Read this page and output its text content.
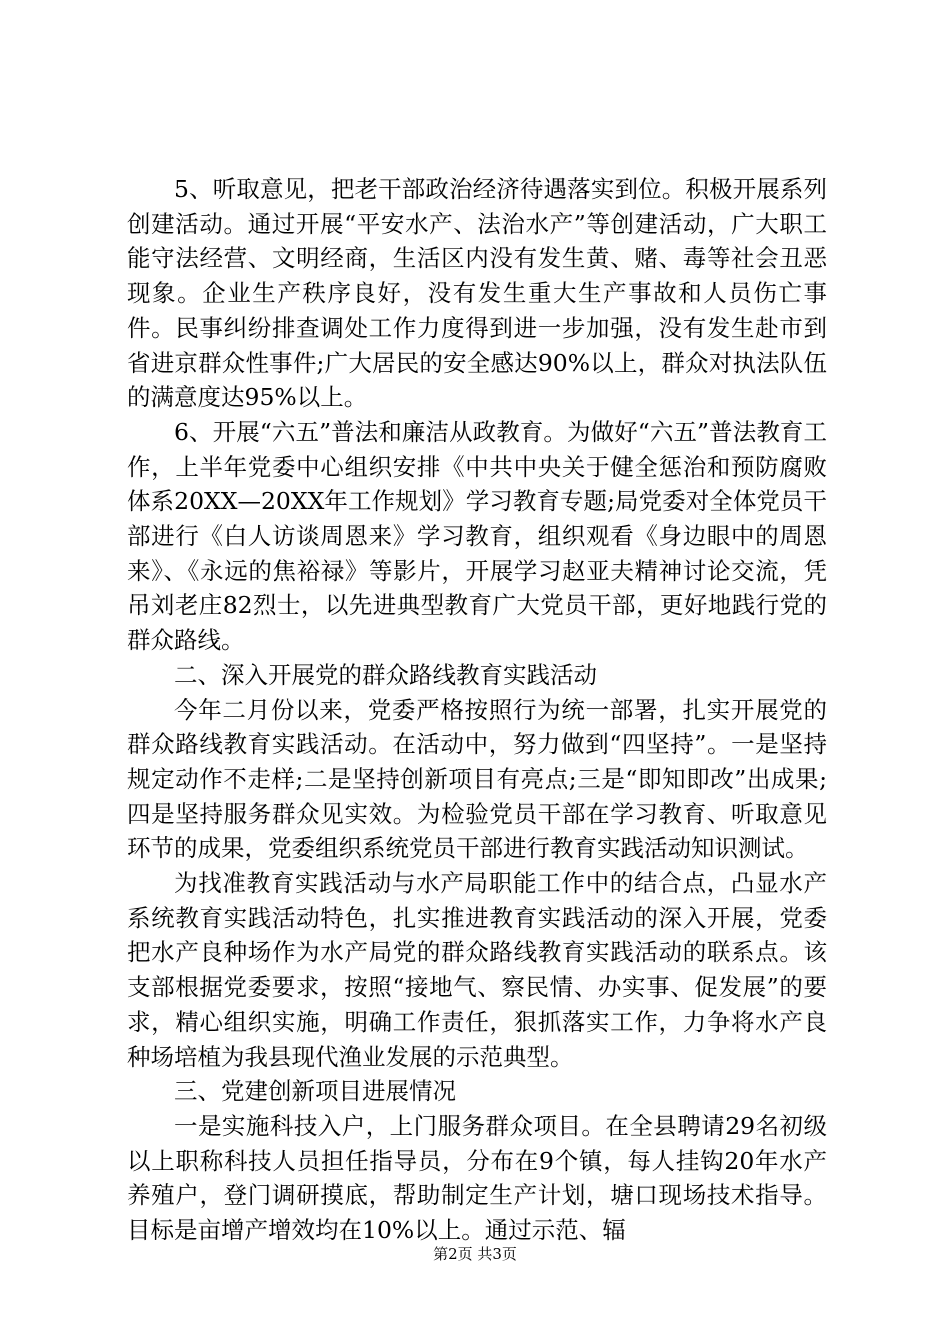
5、听取意见，把老干部政治经济待遇落实到位。积极开展系列创建活动。通过开展“平安水产、法治水产”等创建活动，广大职工能守法经营、文明经商，生活区内没有发生黄、赌、毒等社会丑恶现象。企业生产秩序良好，没有发生重大生产事故和人员伤亡事件。民事纠纷排查调处工作力度得到进一步加强，没有发生赴市到省进京群众性事件;广大居民的安全感达90%以上，群众对执法队伍的满意度达95%以上。

6、开展“六五”普法和廉洁从政教育。为做好“六五”普法教育工作，上半年党委中心组织安排《中共中央关于健全惩治和预防腐败体系20XX—20XX年工作规划》学习教育专题;局党委对全体党员干部进行《白人访谈周恩来》学习教育，组织观看《身边眼中的周恩来》、《永远的焦裕禄》等影片，开展学习赵亚夫精神讨论交流，凭吊刘老庄82烈士，以先进典型教育广大党员干部，更好地践行党的群众路线。

二、深入开展党的群众路线教育实践活动

今年二月份以来，党委严格按照行为统一部署，扎实开展党的群众路线教育实践活动。在活动中，努力做到“四坚持”。一是坚持规定动作不走样;二是坚持创新项目有亮点;三是“即知即改”出成果;四是坚持服务群众见实效。为检验党员干部在学习教育、听取意见环节的成果，党委组织系统党员干部进行教育实践活动知识测试。

为找准教育实践活动与水产局职能工作中的结合点，凸显水产系统教育实践活动特色，扎实推进教育实践活动的深入开展，党委把水产良种场作为水产局党的群众路线教育实践活动的联系点。该支部根据党委要求，按照“接地气、察民情、办实事、促发展”的要求，精心组织实施，明确工作责任，狠抓落实工作，力争将水产良种场培植为我县现代渔业发展的示范典型。

三、党建创新项目进展情况

一是实施科技入户，上门服务群众项目。在全县聘请29名初级以上职称科技人员担任指导员，分布在9个镇，每人挂钩20年水产养殖户，登门调研摸底，帮助制定生产计划，塘口现场技术指导。目标是亩增产增效均在10%以上。通过示范、辐

第2页 共3页
